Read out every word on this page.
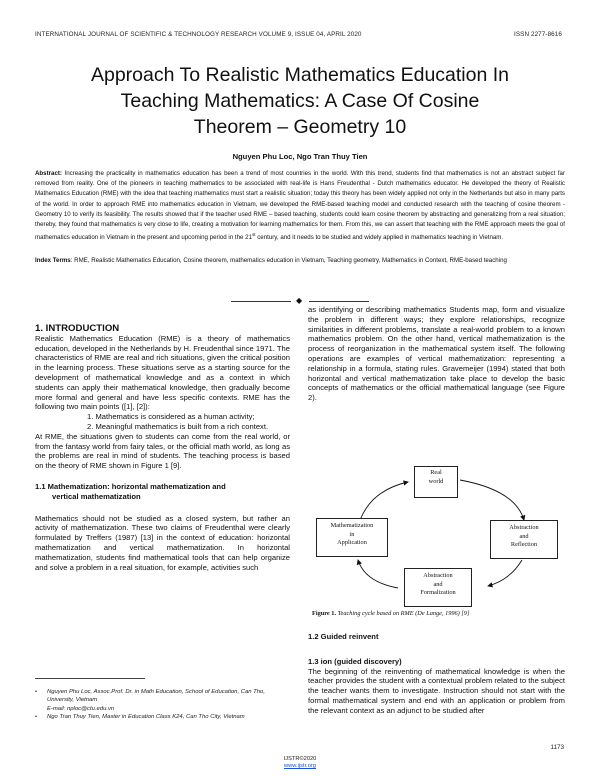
INTERNATIONAL JOURNAL OF SCIENTIFIC & TECHNOLOGY RESEARCH VOLUME 9, ISSUE 04, APRIL 2020	ISSN 2277-8616
Approach To Realistic Mathematics Education In
Teaching Mathematics: A Case Of Cosine
Theorem – Geometry 10
Nguyen Phu Loc, Ngo Tran Thuy Tien
Abstract: Increasing the practicality in mathematics education has been a trend of most countries in the world. With this trend, students find that mathematics is not an abstract subject far removed from reality. One of the pioneers in teaching mathematics to be associated with real-life is Hans Freudenthal - Dutch mathematics educator. He developed the theory of Realistic Mathematics Education (RME) with the idea that teaching mathematics must start a realistic situation; today this theory has been widely applied not only in the Netherlands but also in many parts of the world. In order to approach RME into mathematics education in Vietnam, we developed the RME-based teaching model and conducted research with the teaching of cosine theorem - Geometry 10 to verify its feasibility. The results showed that if the teacher used RME – based teaching, students could learn cosine theorem by abstracting and generalizing from a real situation; thereby, they found that mathematics is very close to life, creating a motivation for learning mathematics for them. From this, we can assert that teaching with the RME approach meets the goal of mathematics education in Vietnam in the present and upcoming period in the 21st century, and it needs to be studied and widely applied in mathematics teaching in Vietnam.
Index Terms: RME, Realistic Mathematics Education, Cosine theorem, mathematics education in Vietnam, Teaching geometry, Mathematics in Context, RME-based teaching
◆
1. INTRODUCTION

Realistic Mathematics Education (RME) is a theory of mathematics education, developed in the Netherlands by H. Freudenthal since 1971. The characteristics of RME are real and rich situations, given the critical position in the learning process. These situations serve as a starting source for the development of mathematical knowledge and as a context in which students can apply their mathematical knowledge, then gradually become more formal and general and have less specific contexts. RME has the following two main points ([1], [2]):

1. Mathematics is considered as a human activity;
2. Meaningful mathematics is built from a rich context.

At RME, the situations given to students can come from the real world, or from the fantasy world from fairy tales, or the official math world, as long as the problems are real in mind of students. The teaching process is based on the theory of RME shown in Figure 1 [9].

1.1 Mathematization: horizontal mathematization and
vertical mathematization

Mathematics should not be studied as a closed system, but rather an activity of mathematization. These two claims of Freudenthal were clearly formulated by Treffers (1987) [13] in the context of education: horizontal mathematization and vertical mathematization. In horizontal mathematization, students find mathematical tools that can help organize and solve a problem in a real situation, for example, activities such

•	Nguyen Phu Loc, Assoc.Prof. Dr. in Math Education, School of Education, Can Tho, University, Vietnam
E-mail: nploc@ctu.edu.vn
•	Ngo Tran Thuy Tien, Master in Education Class K24, Can Tho City, Vietnam

as identifying or describing mathematics Students map, form and visualize the problem in different ways; they explore relationships, recognize similarities in different problems, translate a real-world problem to a known mathematics problem. On the other hand, vertical mathematization is the process of reorganization in the mathematical system itself. The following operations are examples of vertical mathematization: representing a relationship in a formula, stating rules. Gravemeijer (1994) stated that both horizontal and vertical mathematization take place to develop the basic concepts of mathematics or the official mathematical language (see Figure 2).

Real
world
Mathematization
in
Application
Abstraction
and
Reflection
Abstraction
and
Formalization
Figure 1. Teaching cycle based on RME (De Lange, 1996) [9]
1.2 Guided reinvent
1.3 ion (guided discovery)

The beginning of the reinventing of mathematical knowledge is when the teacher provides the student with a contextual problem related to the subject the teacher wants them to investigate. Instruction should not start with the formal mathematical system and end with an application or problem from the relevant context as an adjunct to be studied after

1173
IJSTR©2020
www.ijstr.org
